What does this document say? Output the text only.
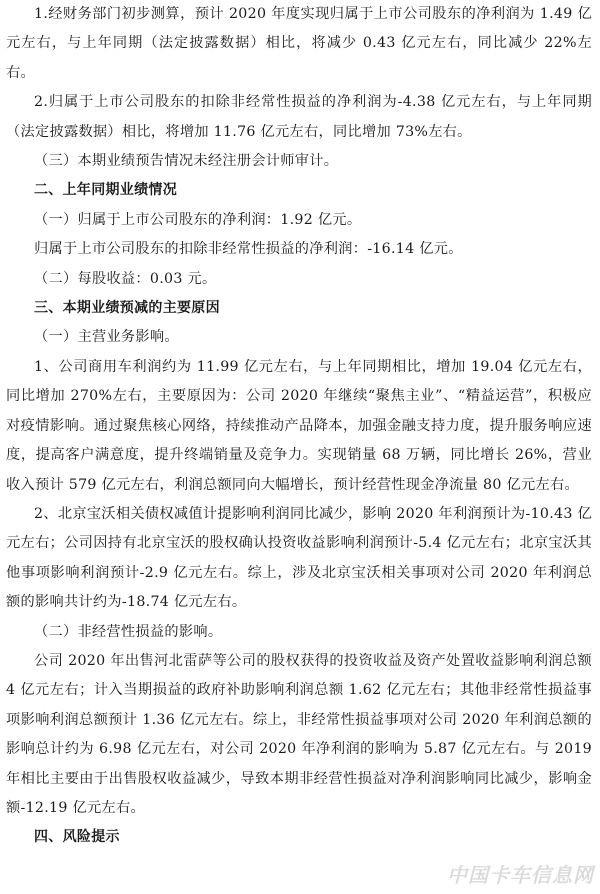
1.经财务部门初步测算，预计 2020 年度实现归属于上市公司股东的净利润为 1.49 亿元左右，与上年同期（法定披露数据）相比，将减少 0.43 亿元左右，同比减少 22%左右。

2.归属于上市公司股东的扣除非经常性损益的净利润为-4.38 亿元左右，与上年同期（法定披露数据）相比，将增加 11.76 亿元左右，同比增加 73%左右。

（三）本期业绩预告情况未经注册会计师审计。

二、上年同期业绩情况

（一）归属于上市公司股东的净利润：1.92 亿元。

归属于上市公司股东的扣除非经常性损益的净利润：-16.14 亿元。

（二）每股收益：0.03 元。

三、本期业绩预减的主要原因

（一）主营业务影响。

1、公司商用车利润约为 11.99 亿元左右，与上年同期相比，增加 19.04 亿元左右，同比增加 270%左右，主要原因为：公司 2020 年继续“聚焦主业”、“精益运营”，积极应对疫情影响。通过聚焦核心网络，持续推动产品降本，加强金融支持力度，提升服务响应速度，提高客户满意度，提升终端销量及竞争力。实现销量 68 万辆，同比增长 26%，营业收入预计 579 亿元左右，利润总额同向大幅增长，预计经营性现金净流量 80 亿元左右。

2、北京宝沃相关债权减值计提影响利润同比减少，影响 2020 年利润预计为-10.43 亿元左右；公司因持有北京宝沃的股权确认投资收益影响利润预计-5.4 亿元左右；北京宝沃其他事项影响利润预计-2.9 亿元左右。综上，涉及北京宝沃相关事项对公司 2020 年利润总额的影响共计约为-18.74 亿元左右。

（二）非经营性损益的影响。

公司 2020 年出售河北雷萨等公司的股权获得的投资收益及资产处置收益影响利润总额 4 亿元左右；计入当期损益的政府补助影响利润总额 1.62 亿元左右；其他非经常性损益事项影响利润总额预计 1.36 亿元左右。综上，非经常性损益事项对公司 2020 年利润总额的影响总计约为 6.98 亿元左右，对公司 2020 年净利润的影响为 5.87 亿元左右。与 2019 年相比主要由于出售股权收益减少，导致本期非经营性损益对净利润影响同比减少，影响金额-12.19 亿元左右。

四、风险提示

中国卡车信息网
